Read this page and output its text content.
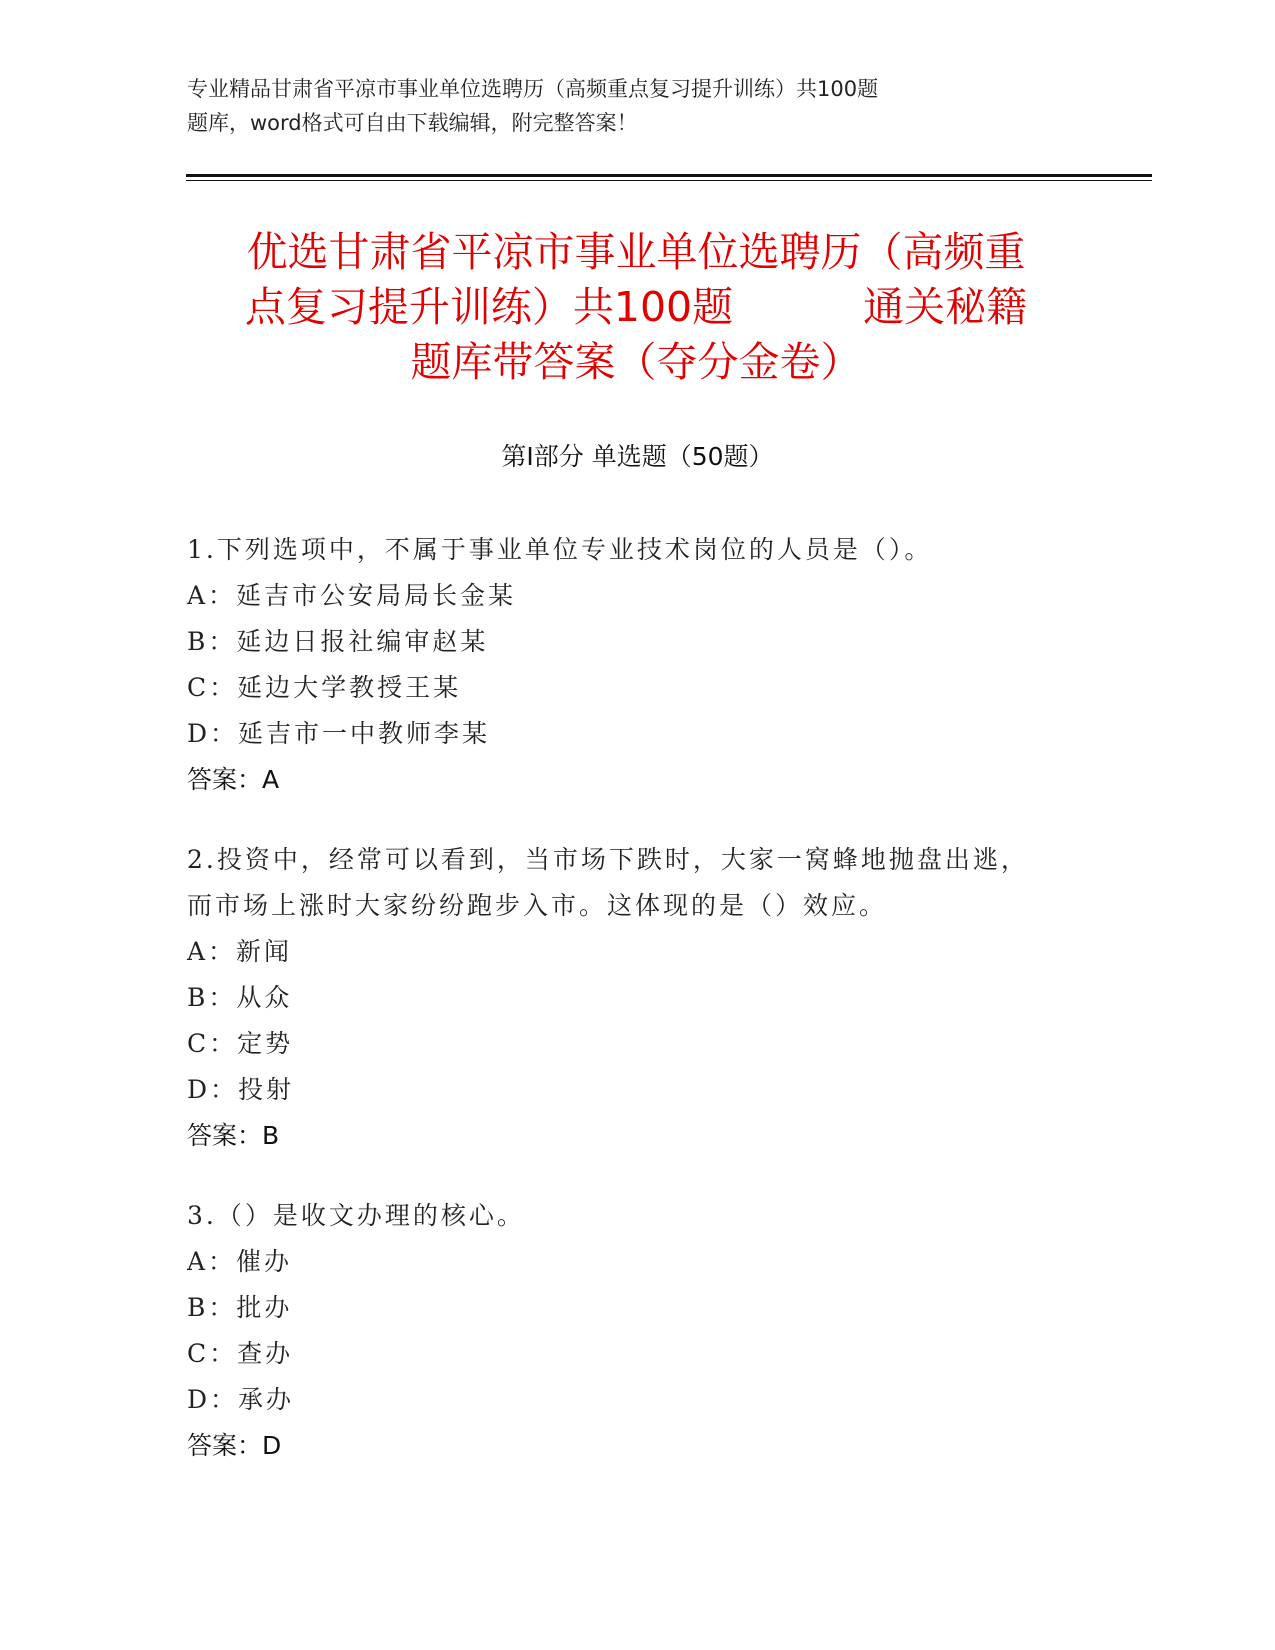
专业精品甘肃省平凉市事业单位选聘历（高频重点复习提升训练）共100题
题库，word格式可自由下载编辑，附完整答案！
优选甘肃省平凉市事业单位选聘历（高频重
点复习提升训练）共100题	通关秘籍
题库带答案（夺分金卷）
第Ⅰ部分 单选题（50题）
1.下列选项中，不属于事业单位专业技术岗位的人员是（）。
A：延吉市公安局局长金某
B：延边日报社编审赵某
C：延边大学教授王某
D：延吉市一中教师李某
答案：A
2.投资中，经常可以看到，当市场下跌时，大家一窝蜂地抛盘出逃，
而市场上涨时大家纷纷跑步入市。这体现的是（）效应。
A：新闻
B：从众
C：定势
D：投射
答案：B
3.（）是收文办理的核心。
A：催办
B：批办
C：查办
D：承办
答案：D
